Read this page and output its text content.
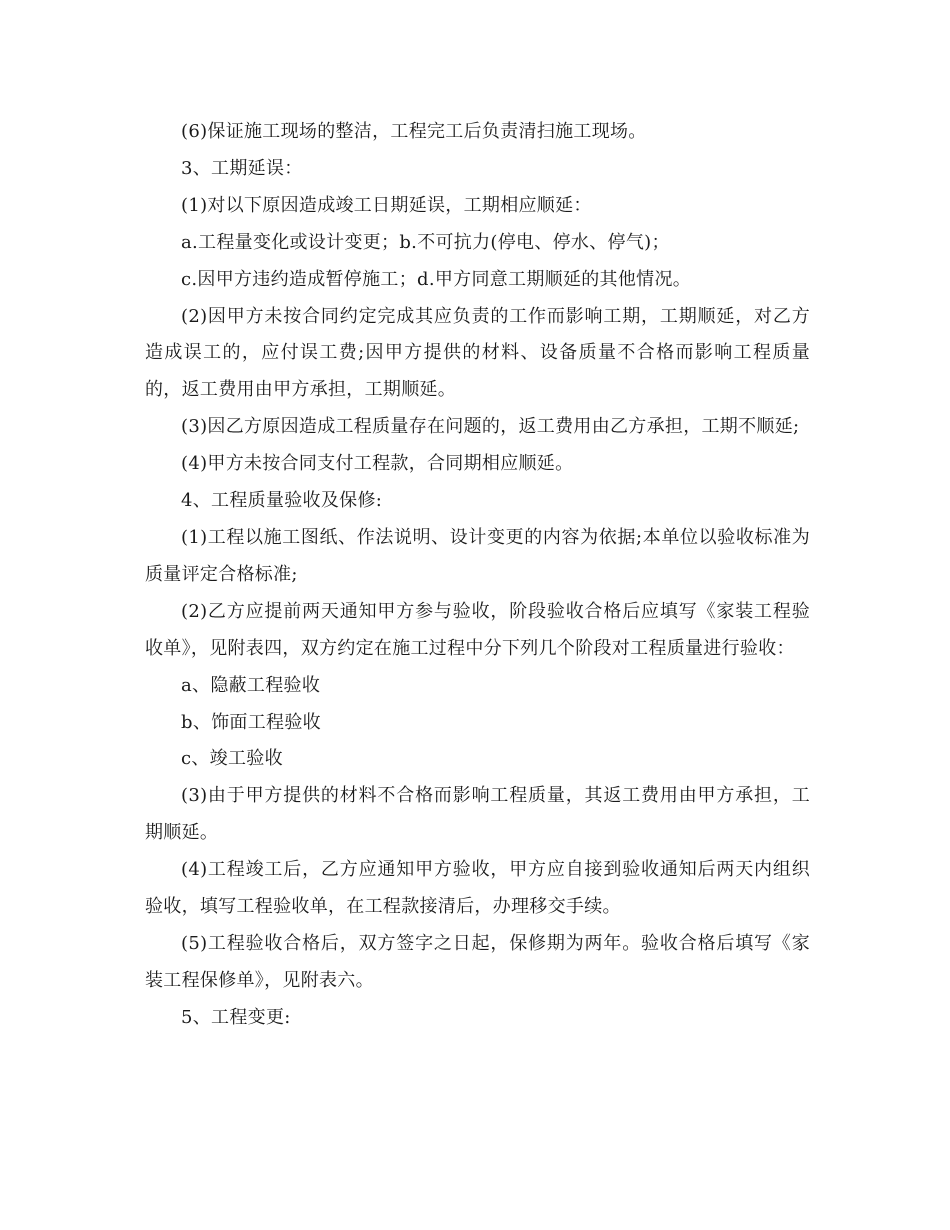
(6)保证施工现场的整洁，工程完工后负责清扫施工现场。

3、工期延误：

(1)对以下原因造成竣工日期延误，工期相应顺延：

a.工程量变化或设计变更；b.不可抗力(停电、停水、停气)；

c.因甲方违约造成暂停施工；d.甲方同意工期顺延的其他情况。

(2)因甲方未按合同约定完成其应负责的工作而影响工期，工期顺延，对乙方造成误工的，应付误工费;因甲方提供的材料、设备质量不合格而影响工程质量的，返工费用由甲方承担，工期顺延。

(3)因乙方原因造成工程质量存在问题的，返工费用由乙方承担，工期不顺延;

(4)甲方未按合同支付工程款，合同期相应顺延。

4、工程质量验收及保修:

(1)工程以施工图纸、作法说明、设计变更的内容为依据;本单位以验收标准为质量评定合格标准;

(2)乙方应提前两天通知甲方参与验收，阶段验收合格后应填写《家装工程验收单》，见附表四，双方约定在施工过程中分下列几个阶段对工程质量进行验收：

a、隐蔽工程验收

b、饰面工程验收

c、竣工验收

(3)由于甲方提供的材料不合格而影响工程质量，其返工费用由甲方承担，工期顺延。

(4)工程竣工后，乙方应通知甲方验收，甲方应自接到验收通知后两天内组织验收，填写工程验收单，在工程款接清后，办理移交手续。

(5)工程验收合格后，双方签字之日起，保修期为两年。验收合格后填写《家装工程保修单》，见附表六。

5、工程变更:
